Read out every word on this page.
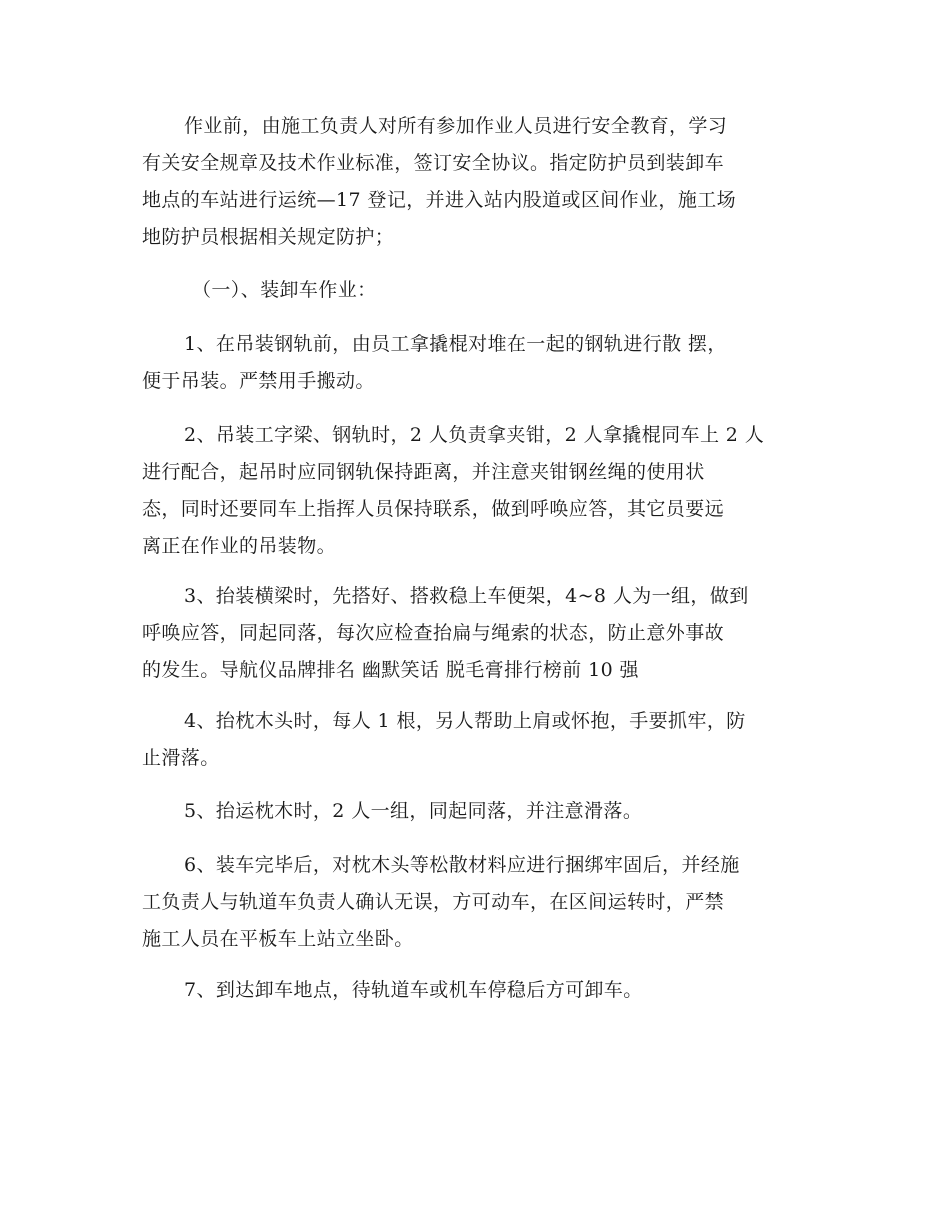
作业前，由施工负责人对所有参加作业人员进行安全教育，学习
有关安全规章及技术作业标准，签订安全协议。指定防护员到装卸车
地点的车站进行运统—17 登记，并进入站内股道或区间作业，施工场
地防护员根据相关规定防护；
（一）、装卸车作业：
1、在吊装钢轨前，由员工拿撬棍对堆在一起的钢轨进行散 摆，
便于吊装。严禁用手搬动。
2、吊装工字梁、钢轨时，2 人负责拿夹钳，2 人拿撬棍同车上 2 人
进行配合，起吊时应同钢轨保持距离，并注意夹钳钢丝绳的使用状
态，同时还要同车上指挥人员保持联系，做到呼唤应答，其它员要远
离正在作业的吊装物。
3、抬装横梁时，先搭好、搭救稳上车便架，4~8 人为一组，做到
呼唤应答，同起同落，每次应检查抬扁与绳索的状态，防止意外事故
的发生。导航仪品牌排名 幽默笑话 脱毛膏排行榜前 10 强
4、抬枕木头时，每人 1 根，另人帮助上肩或怀抱，手要抓牢，防
止滑落。
5、抬运枕木时，2 人一组，同起同落，并注意滑落。
6、装车完毕后，对枕木头等松散材料应进行捆绑牢固后，并经施
工负责人与轨道车负责人确认无误，方可动车，在区间运转时，严禁
施工人员在平板车上站立坐卧。
7、到达卸车地点，待轨道车或机车停稳后方可卸车。
